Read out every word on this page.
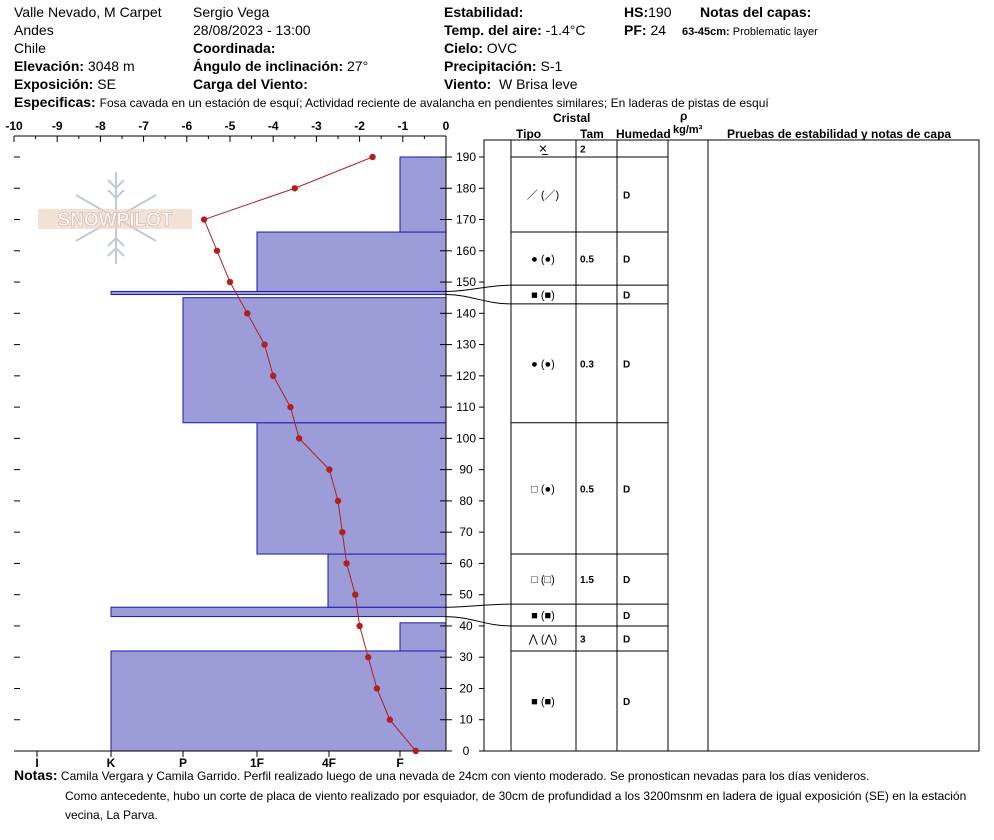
Valle Nevado, M Carpet
Andes
Chile
Elevación: 3048 m
Exposición: SE
Especificas: Fosa cavada en un estación de esquí; Actividad reciente de avalancha en pendientes similares; En laderas de pistas de esquí
Sergio Vega
28/08/2023 - 13:00
Coordinada:
Ángulo de inclinación: 27°
Carga del Viento:
Estabilidad:
Temp. del aire: -1.4°C
Cielo: OVC
Precipitación: S-1
Viento: W Brisa leve
HS:190
PF: 24
Notas del capas:
63-45cm: Problematic layer
Cristal
Tipo	Tam Humedad
ρ
kg/m³ Pruebas de estabilidad y notas de capa
SNOWPILOT
-10 -9	-8	-7	-6	-5	-4	-3	-2	-1	0
I	K	P	1F	4F	F
0
10
20
30
40
50
60
70
80
90
100
110
120
130
140
150
160
170
180
190
✕̲	2
／ (／)	D
● (●)	0.5	D
■ (■)	D
● (●)	0.3	D
□ (●)	0.5	D
□ (□)	1.5	D
■ (■)	D
⋀ (⋀) 3	D
■ (■)	D
Notas: Camila Vergara y Camila Garrido. Perfil realizado luego de una nevada de 24cm con viento moderado. Se pronostican nevadas para los días venideros.
Como antecedente, hubo un corte de placa de viento realizado por esquiador, de 30cm de profundidad a los 3200msnm en ladera de igual exposición (SE) en la estación
vecina, La Parva.
